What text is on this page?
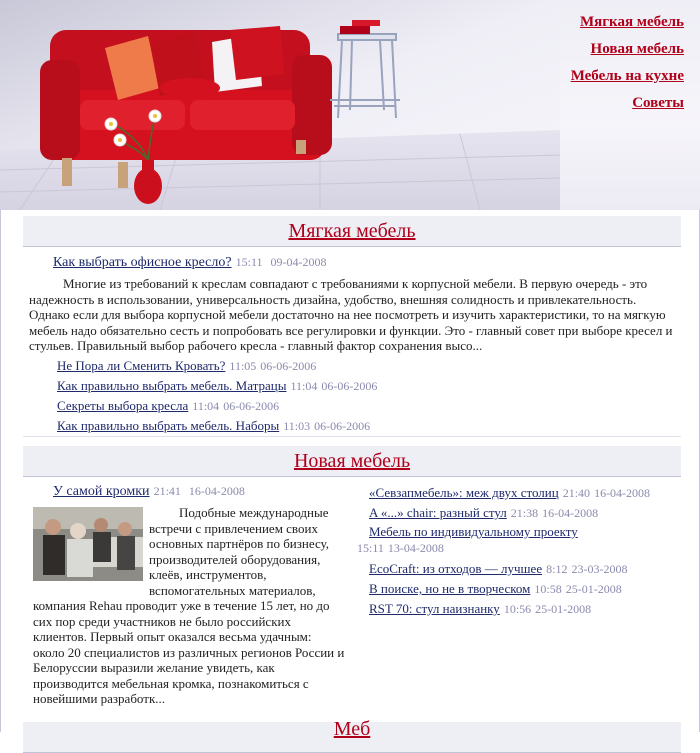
Мягкая мебель
Новая мебель
Мебель на кухне
Советы
Мягкая мебель
Как выбрать офисное кресло? 15:11 09-04-2008

Многие из требований к креслам совпадают с требованиями к корпусной мебели. В первую очередь - это надежность в использовании, универсальность дизайна, удобство, внешняя солидность и привлекательность. Однако если для выбора корпусной мебели достаточно на нее посмотреть и изучить характеристики, то на мягкую мебель надо обязательно сесть и попробовать все регулировки и функции. Это - главный совет при выборе кресел и стульев. Правильный выбор рабочего кресла - главный фактор сохранения высо...

Не Пора ли Сменить Кровать? 11:05 06-06-2006
Как правильно выбрать мебель. Матрацы 11:04 06-06-2006
Секреты выбора кресла 11:04 06-06-2006
Как правильно выбрать мебель. Наборы 11:03 06-06-2006
Новая мебель
У самой кромки 21:41 16-04-2008

Подобные международные встречи с привлечением своих основных партнёров по бизнесу, производителей оборудования, клеёв, инструментов, вспомогательных материалов,

компания Rehau проводит уже в течение 15 лет, но до сих пор среди участников не было российских клиентов. Первый опыт оказался весьма удачным: около 20 специалистов из различных регионов России и Белоруссии выразили желание увидеть, как производится мебельная кромка, познакомиться с новейшими разработк...

«Севзапмебель»: меж двух столиц 21:40 16-04-2008
A «...» chair: разный стул 21:38 16-04-2008
Мебель по индивидуальному проекту
15:11 13-04-2008
EcoCraft: из отходов — лучшее 8:12 23-03-2008
В поиске, но не в творческом 10:58 25-01-2008
RST 70: стул наизнанку 10:56 25-01-2008
Меб
